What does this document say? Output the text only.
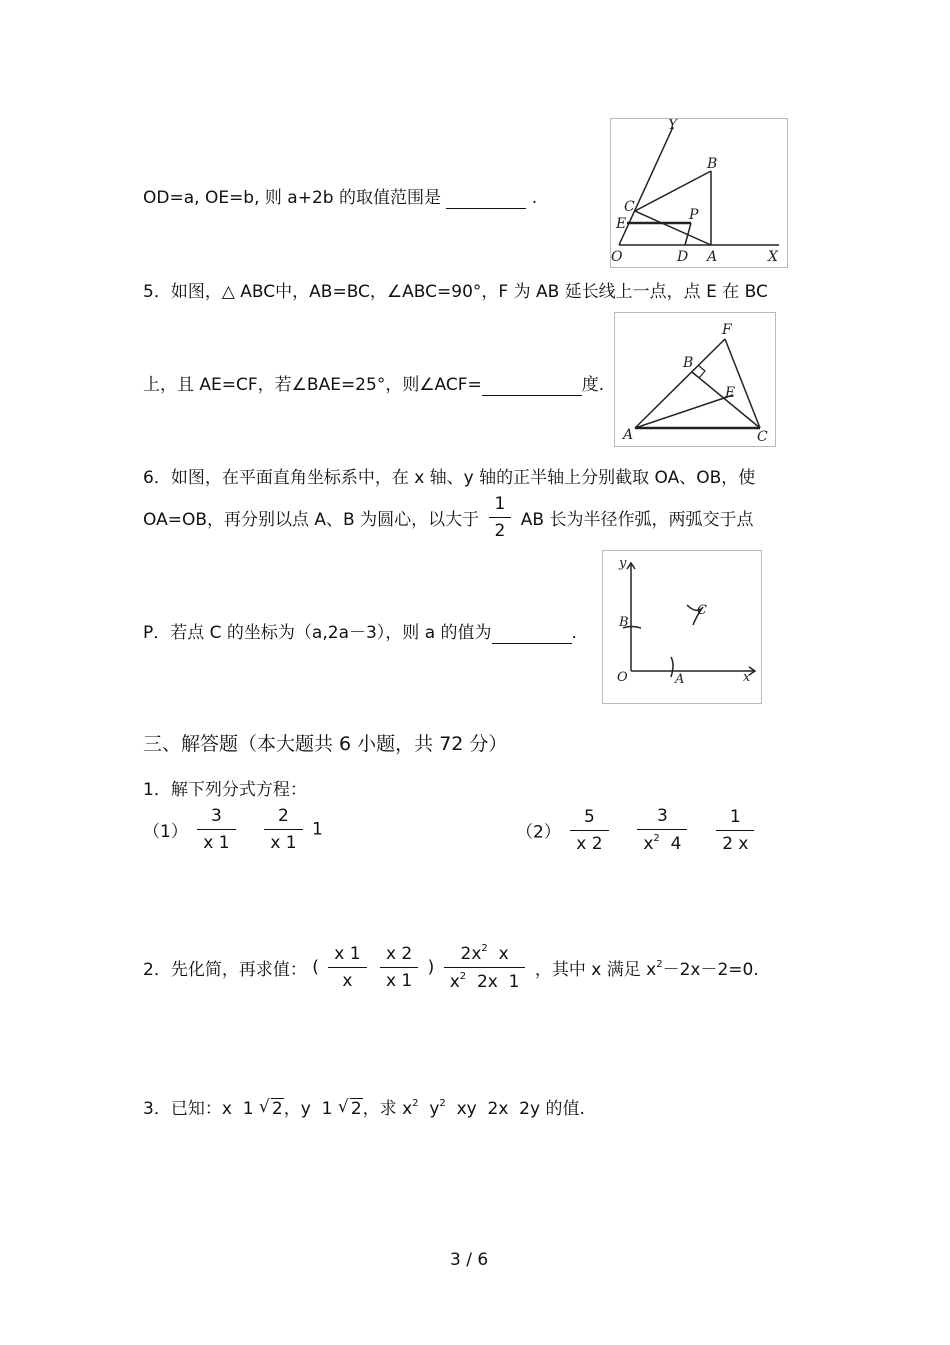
OD=a, OE=b, 则 a+2b 的取值范围是	.
Y
B
C
E
P
O	D A	X
5．如图，△ ABC中，AB=BC，∠ABC=90°，F 为 AB 延长线上一点，点 E 在 BC
上，且 AE=CF，若∠BAE=25°，则∠ACF=	度.
F
B
E
A	C
6．如图，在平面直角坐标系中，在 x 轴、y 轴的正半轴上分别截取 OA、OB，使
OA=OB，再分别以点 A、B 为圆心，以大于 $\frac{1}{2}$ AB 长为半径作弧，两弧交于点
P．若点 C 的坐标为（a,2a－3），则 a 的值为	.
y
B
C
O	A	x
三、解答题（本大题共 6 小题，共 72 分）
1．解下列分式方程：
$(1) \frac{3}{x 1}$
$\frac{2}{x 1} 1$	$(2) \frac{5}{x 2}$
$\frac{3}{x^2 4}$
$\frac{1}{2 x}$
2．先化简，再求值： ( $\frac{x 1}{x}$
$\frac{x 2}{x 1}$ ) $\frac{2x^2 x}{x^2 2x 1}$ ，其中 x 满足 $x^2-2x-2=0$.
3．已知：x  1 √ 2，y  1 √ 2，求 $x^2$  $y^2$  xy  2x  2y 的值.
3 / 6
